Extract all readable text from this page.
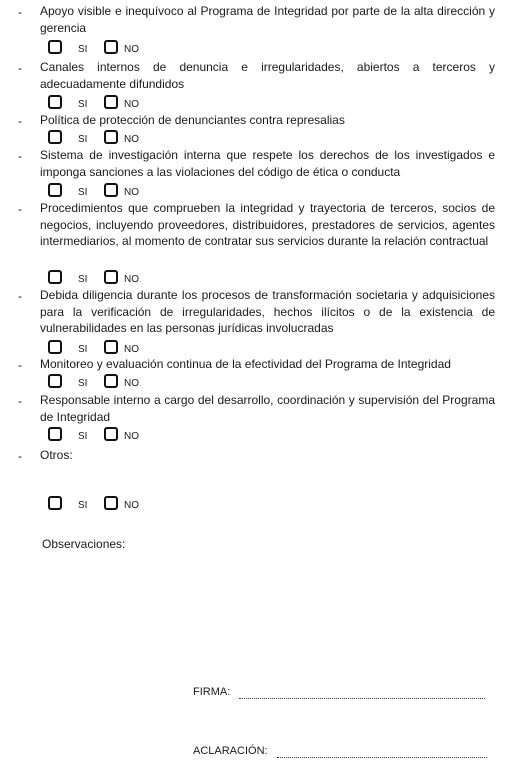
- Apoyo visible e inequívoco al Programa de Integridad por parte de la alta dirección y gerencia
SI	NO
- Canales internos de denuncia e irregularidades, abiertos a terceros y adecuadamente difundidos
SI	NO
- Política de protección de denunciantes contra represalias
SI	NO
- Sistema de investigación interna que respete los derechos de los investigados e imponga sanciones a las violaciones del código de ética o conducta
SI	NO
- Procedimientos que comprueben la integridad y trayectoria de terceros, socios de negocios, incluyendo proveedores, distribuidores, prestadores de servicios, agentes intermediarios, al momento de contratar sus servicios durante la relación contractual
SI	NO
- Debida diligencia durante los procesos de transformación societaria y adquisiciones para la verificación de irregularidades, hechos ilícitos o de la existencia de vulnerabilidades en las personas jurídicas involucradas
SI	NO
- Monitoreo y evaluación continua de la efectividad del Programa de Integridad
SI	NO
- Responsable interno a cargo del desarrollo, coordinación y supervisión del Programa de Integridad
SI	NO
- Otros:
SI	NO
Observaciones:
FIRMA:
ACLARACIÓN:
